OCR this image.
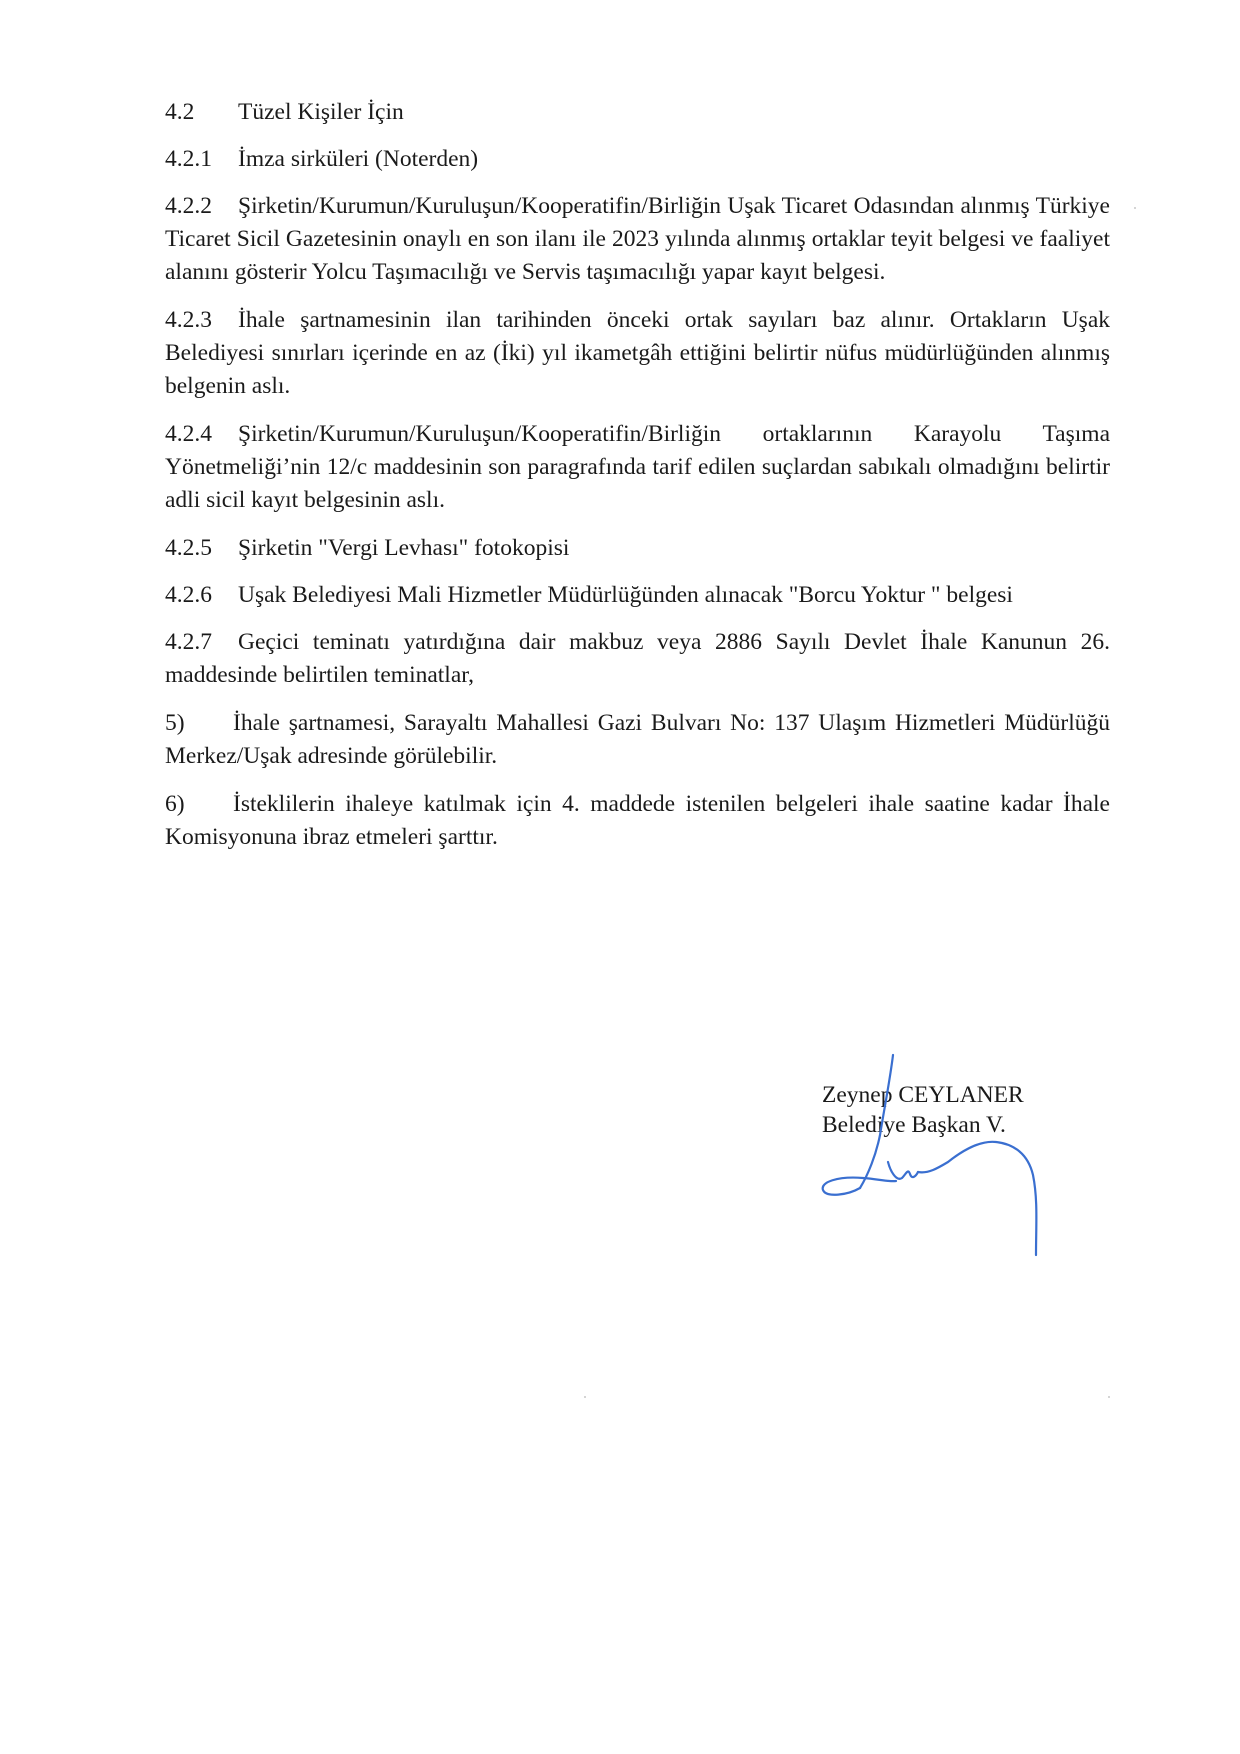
4.2 Tüzel Kişiler İçin

4.2.1 İmza sirküleri (Noterden)

4.2.2 Şirketin/Kurumun/Kuruluşun/Kooperatifin/Birliğin Uşak Ticaret Odasından alınmış Türkiye Ticaret Sicil Gazetesinin onaylı en son ilanı ile 2023 yılında alınmış ortaklar teyit belgesi ve faaliyet alanını gösterir Yolcu Taşımacılığı ve Servis taşımacılığı yapar kayıt belgesi.

4.2.3 İhale şartnamesinin ilan tarihinden önceki ortak sayıları baz alınır. Ortakların Uşak Belediyesi sınırları içerinde en az (İki) yıl ikametgâh ettiğini belirtir nüfus müdürlüğünden alınmış belgenin aslı.

4.2.4 Şirketin/Kurumun/Kuruluşun/Kooperatifin/Birliğin ortaklarının Karayolu Taşıma Yönetmeliği’nin 12/c maddesinin son paragrafında tarif edilen suçlardan sabıkalı olmadığını belirtir adli sicil kayıt belgesinin aslı.

4.2.5 Şirketin "Vergi Levhası" fotokopisi

4.2.6 Uşak Belediyesi Mali Hizmetler Müdürlüğünden alınacak "Borcu Yoktur " belgesi

4.2.7 Geçici teminatı yatırdığına dair makbuz veya 2886 Sayılı Devlet İhale Kanunun 26. maddesinde belirtilen teminatlar,

5) İhale şartnamesi, Sarayaltı Mahallesi Gazi Bulvarı No: 137 Ulaşım Hizmetleri Müdürlüğü Merkez/Uşak adresinde görülebilir.

6) İsteklilerin ihaleye katılmak için 4. maddede istenilen belgeleri ihale saatine kadar İhale Komisyonuna ibraz etmeleri şarttır.

Zeynep CEYLANER
Belediye Başkan V.
